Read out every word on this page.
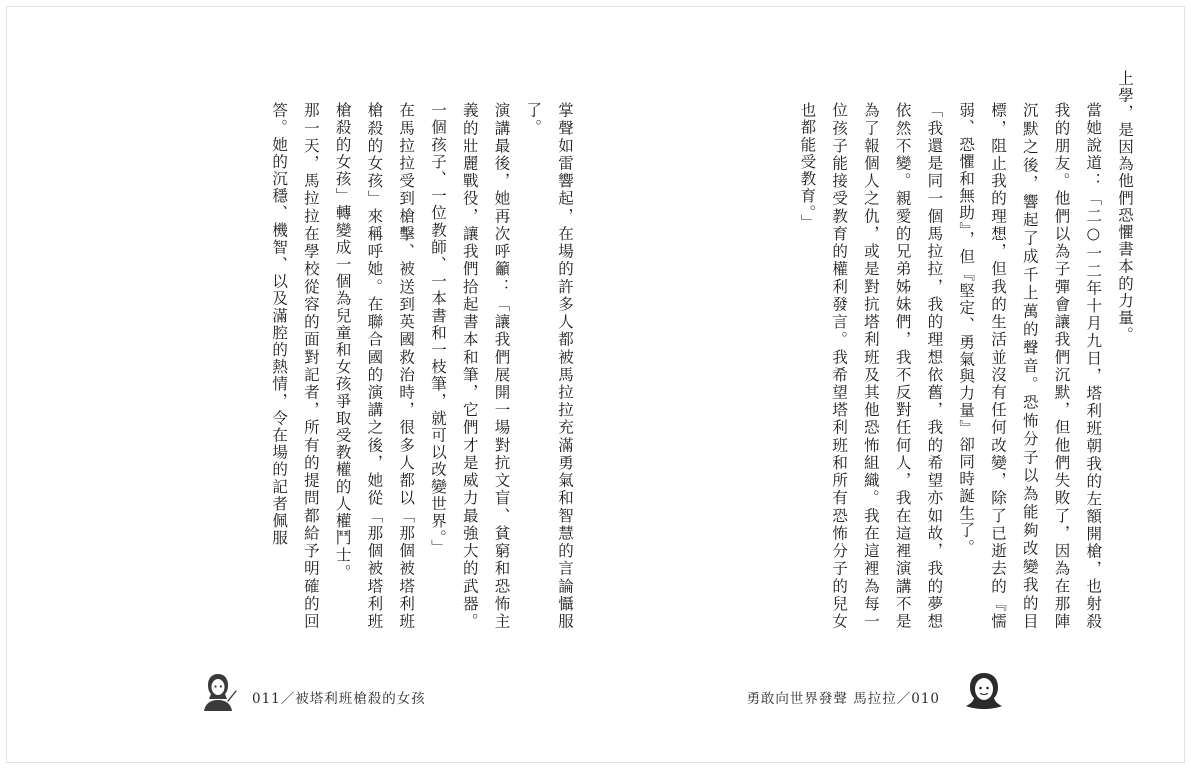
上學，是因為他們恐懼書本的力量。

當她說道：「二○一二年十月九日，塔利班朝我的左額開槍，也射殺我的朋友。他們以為子彈會讓我們沉默，但他們失敗了，因為在那陣沉默之後，響起了成千上萬的聲音。恐怖分子以為能夠改變我的目標，阻止我的理想，但我的生活並沒有任何改變，除了已逝去的『懦弱、恐懼和無助』，但『堅定、勇氣與力量』卻同時誕生了。

「我還是同一個馬拉拉，我的理想依舊，我的希望亦如故，我的夢想依然不變。親愛的兄弟姊妹們，我不反對任何人，我在這裡演講不是為了報個人之仇，或是對抗塔利班及其他恐怖組織。我在這裡為每一位孩子能接受教育的權利發言。我希望塔利班和所有恐怖分子的兒女也都能受教育。」

勇敢向世界發聲 馬拉拉／010

掌聲如雷響起，在場的許多人都被馬拉拉充滿勇氣和智慧的言論懾服了。

演講最後，她再次呼籲：「讓我們展開一場對抗文盲、貧窮和恐怖主義的壯麗戰役，讓我們拾起書本和筆，它們才是威力最強大的武器。一個孩子、一位教師、一本書和一枝筆，就可以改變世界。」

在馬拉拉受到槍擊、被送到英國救治時，很多人都以「那個被塔利班槍殺的女孩」來稱呼她。在聯合國的演講之後，她從「那個被塔利班槍殺的女孩」轉變成一個為兒童和女孩爭取受教權的人權鬥士。

那一天，馬拉拉在學校從容的面對記者，所有的提問都給予明確的回答。她的沉穩、機智、以及滿腔的熱情，令在場的記者佩服

011／被塔利班槍殺的女孩
